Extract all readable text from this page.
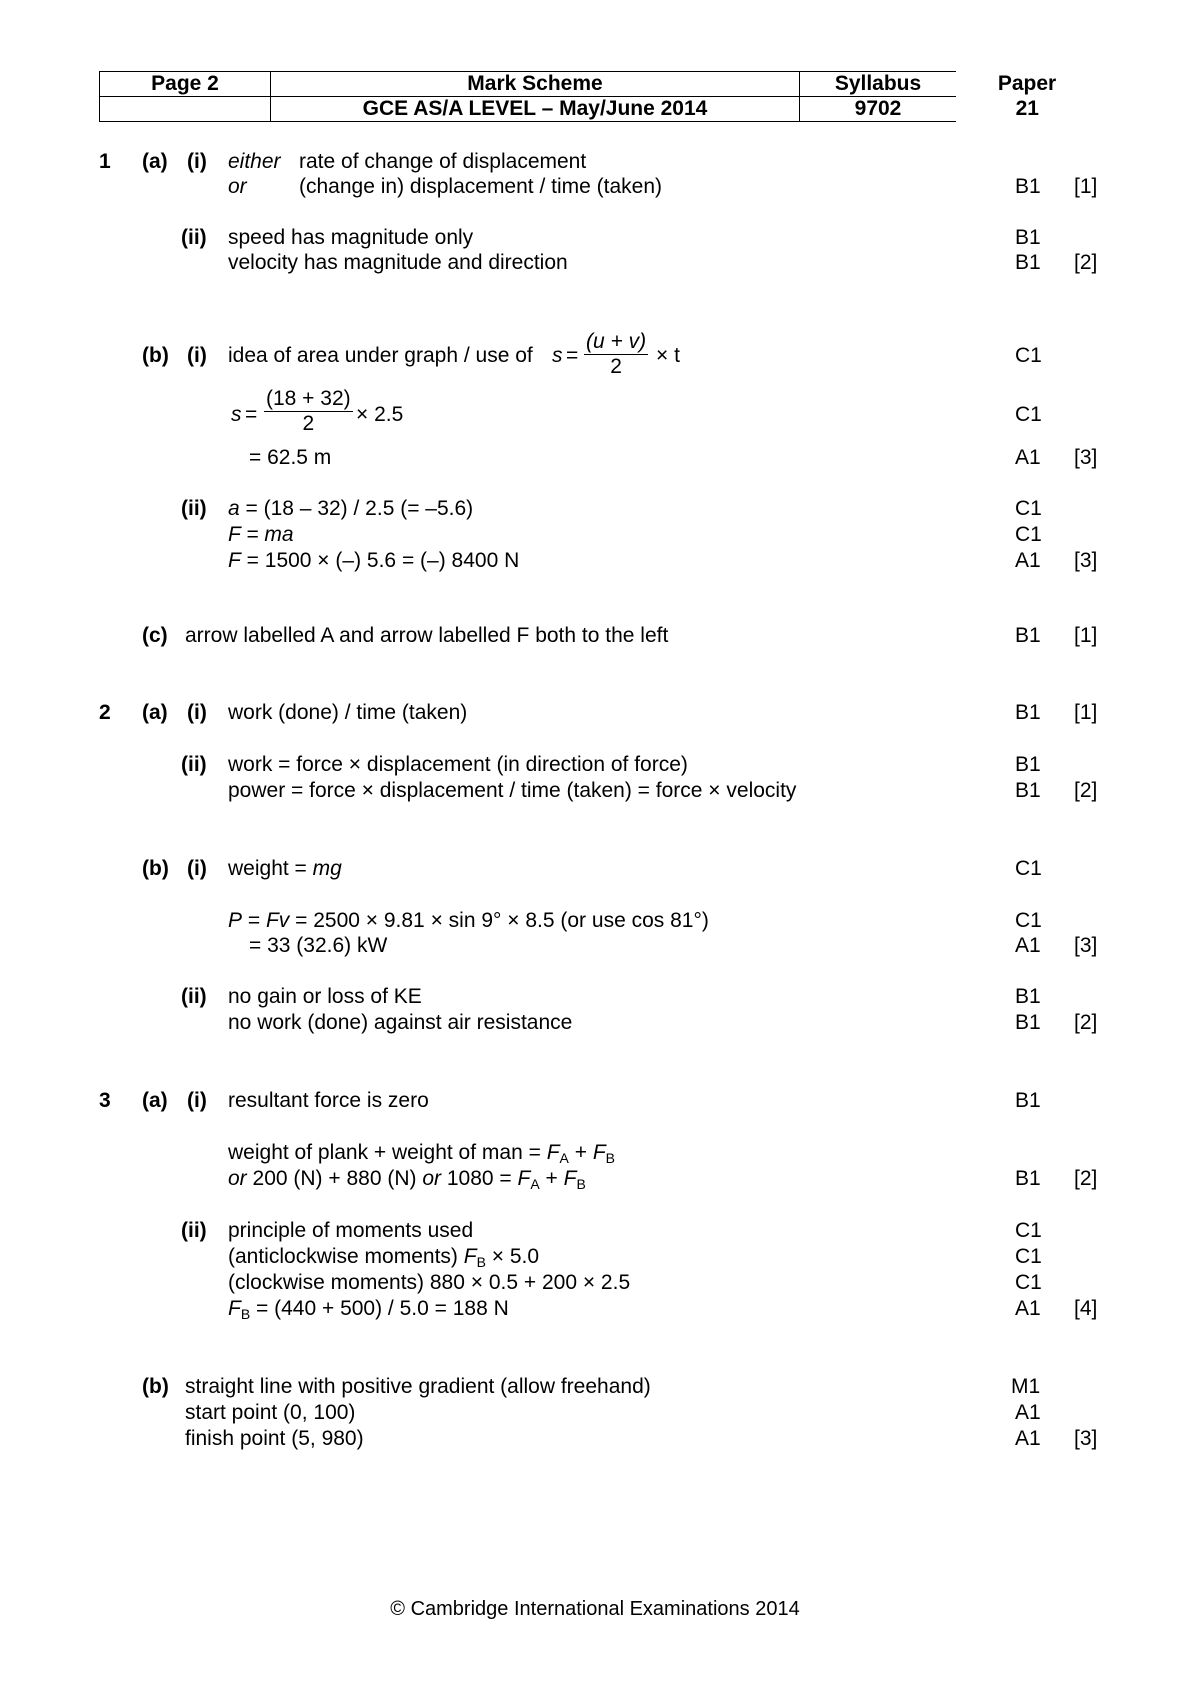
Page 2	Mark Scheme	Syllabus	Paper
	GCE AS/A LEVEL – May/June 2014	9702	21
1 (a) (i) either rate of change of displacement
or (change in) displacement / time (taken)	B1 [1]
(ii) speed has magnitude only	B1
velocity has magnitude and direction	B1 [2]
(b) (i) idea of area under graph / use of s =
(u + v)
2	× t	C1
s =
(18 + 32)
2	× 2.5	C1
= 62.5 m	A1 [3]
(ii) a = (18 – 32) / 2.5 (= –5.6)	C1
F = ma	C1
F = 1500 × (–) 5.6 = (–) 8400 N	A1 [3]
(c) arrow labelled A and arrow labelled F both to the left	B1 [1]
2 (a) (i) work (done) / time (taken)	B1 [1]
(ii) work = force × displacement (in direction of force)	B1
power = force × displacement / time (taken) = force × velocity	B1 [2]
(b) (i) weight = mg	C1
P = Fv = 2500 × 9.81 × sin 9° × 8.5 (or use cos 81°)	C1
= 33 (32.6) kW	A1 [3]
(ii) no gain or loss of KE	B1
no work (done) against air resistance	B1 [2]
3 (a) (i) resultant force is zero	B1
weight of plank + weight of man = $F_A + F_B$
or 200 (N) + 880 (N) or $1080 = F_A + F_B$	B1 [2]
(ii) principle of moments used	C1
(anticlockwise moments) $F_B \times 5.0$	C1
(clockwise moments) 880 × 0.5 + 200 × 2.5	C1
$F_B = (440 + 500) / 5.0 = 188$ N	A1 [4]
(b) straight line with positive gradient (allow freehand)	M1
start point (0, 100)	A1
finish point (5, 980)	A1 [3]
© Cambridge International Examinations 2014
